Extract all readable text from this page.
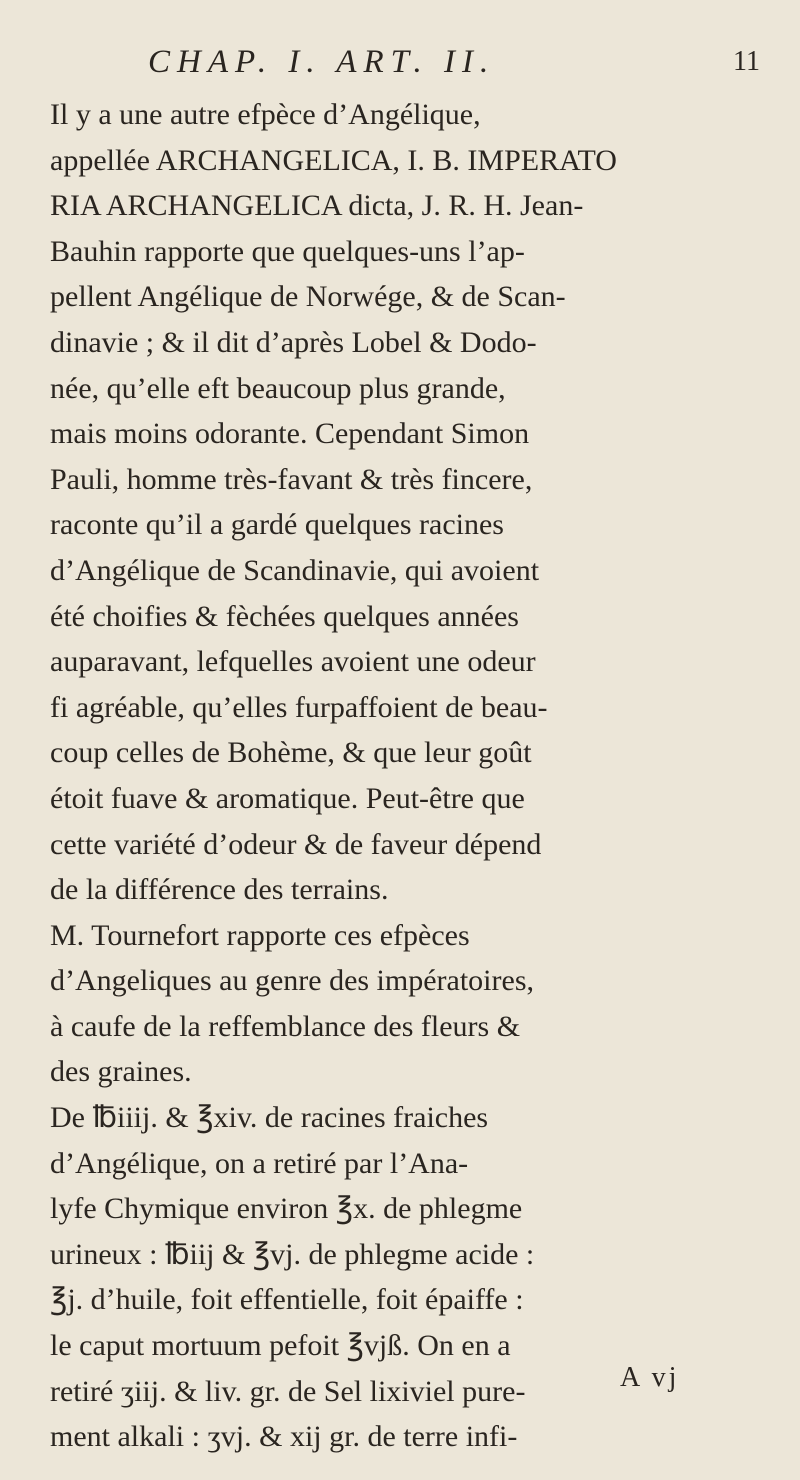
CHAP. I. ART. II.	11
Il y a une autre efpèce d’Angélique,
appellée ARCHANGELICA, I. B. IMPERATO
RIA ARCHANGELICA dicta, J. R. H. Jean-
Bauhin rapporte que quelques-uns l’ap-
pellent Angélique de Norwége, & de Scan-
dinavie ; & il dit d’après Lobel & Dodo-
née, qu’elle eft beaucoup plus grande,
mais moins odorante. Cependant Simon
Pauli, homme très-favant & très fincere,
raconte qu’il a gardé quelques racines
d’Angélique de Scandinavie, qui avoient
été choifies & fèchées quelques années
auparavant, lefquelles avoient une odeur
fi agréable, qu’elles furpaffoient de beau-
coup celles de Bohème, & que leur goût
étoit fuave & aromatique. Peut-être que
cette variété d’odeur & de faveur dépend
de la différence des terrains.
M. Tournefort rapporte ces efpèces
d’Angeliques au genre des impératoires,
à caufe de la reffemblance des fleurs &
des graines.
De ℔iiij. & ℥xiv. de racines fraiches
d’Angélique, on a retiré par l’Ana-
lyfe Chymique environ ℥x. de phlegme
urineux : ℔iij & ℥vj. de phlegme acide :
℥j. d’huile, foit effentielle, foit épaiffe :
le caput mortuum pefoit ℥vjß. On en a
retiré ʒiij. & liv. gr. de Sel lixiviel pure-
ment alkali : ʒvj. & xij gr. de terre infi-
A vj
